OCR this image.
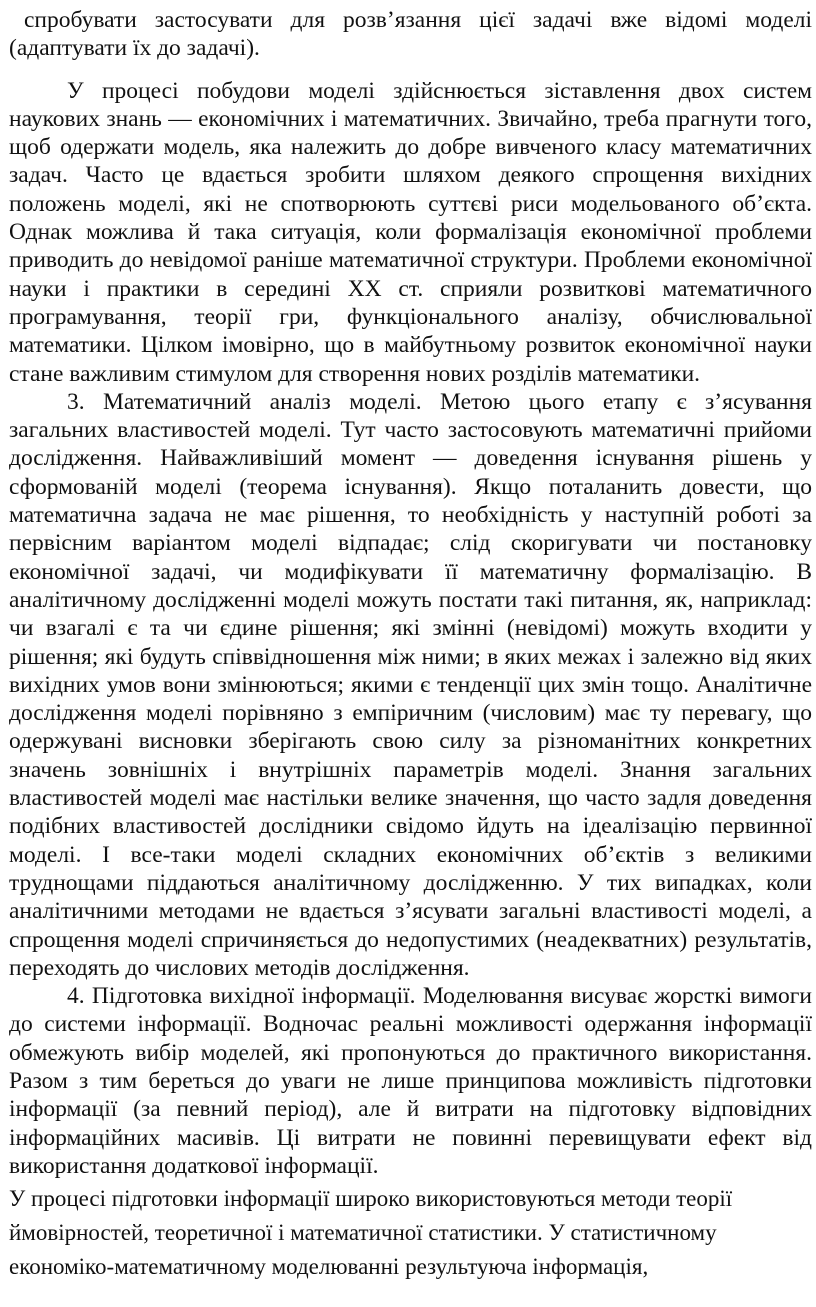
спробувати застосувати для розв’язання цієї задачі вже відомі моделі (адаптувати їх до задачі).

У процесі побудови моделі здійснюється зіставлення двох систем наукових знань — економічних і математичних. Звичайно, треба прагнути того, щоб одержати модель, яка належить до добре вивченого класу математичних задач. Часто це вдається зробити шляхом деякого спрощення вихідних положень моделі, які не спотворюють суттєві риси модельованого об’єкта. Однак можлива й така ситуація, коли формалізація економічної проблеми приводить до невідомої раніше математичної структури. Проблеми економічної науки і практики в середині ХХ ст. сприяли розвиткові математичного програмування, теорії гри, функціонального аналізу, обчислювальної математики. Цілком імовірно, що в майбутньому розвиток економічної науки стане важливим стимулом для створення нових розділів математики.

3. Математичний аналіз моделі. Метою цього етапу є з’ясування загальних властивостей моделі. Тут часто застосовують математичні прийоми дослідження. Найважливіший момент — доведення існування рішень у сформованій моделі (теорема існування). Якщо поталанить довести, що математична задача не має рішення, то необхідність у наступній роботі за первісним варіантом моделі відпадає; слід скоригувати чи постановку економічної задачі, чи модифікувати її математичну формалізацію. В аналітичному дослідженні моделі можуть постати такі питання, як, наприклад: чи взагалі є та чи єдине рішення; які змінні (невідомі) можуть входити у рішення; які будуть співвідношення між ними; в яких межах і залежно від яких вихідних умов вони змінюються; якими є тенденції цих змін тощо. Аналітичне дослідження моделі порівняно з емпіричним (числовим) має ту перевагу, що одержувані висновки зберігають свою силу за різноманітних конкретних значень зовнішніх і внутрішніх параметрів моделі. Знання загальних властивостей моделі має настільки велике значення, що часто задля доведення подібних властивостей дослідники свідомо йдуть на ідеалізацію первинної моделі. І все-таки моделі складних економічних об’єктів з великими труднощами піддаються аналітичному дослідженню. У тих випадках, коли аналітичними методами не вдається з’ясувати загальні властивості моделі, а спрощення моделі спричиняється до недопустимих (неадекватних) результатів, переходять до числових методів дослідження.

4. Підготовка вихідної інформації. Моделювання висуває жорсткі вимоги до системи інформації. Водночас реальні можливості одержання інформації обмежують вибір моделей, які пропонуються до практичного використання. Разом з тим береться до уваги не лише принципова можливість підготовки інформації (за певний період), але й витрати на підготовку відповідних інформаційних масивів. Ці витрати не повинні перевищувати ефект від використання додаткової інформації.

У процесі підготовки інформації широко використовуються методи теорії

ймовірностей, теоретичної і математичної статистики. У статистичному

економіко-математичному моделюванні результуюча інформація,
